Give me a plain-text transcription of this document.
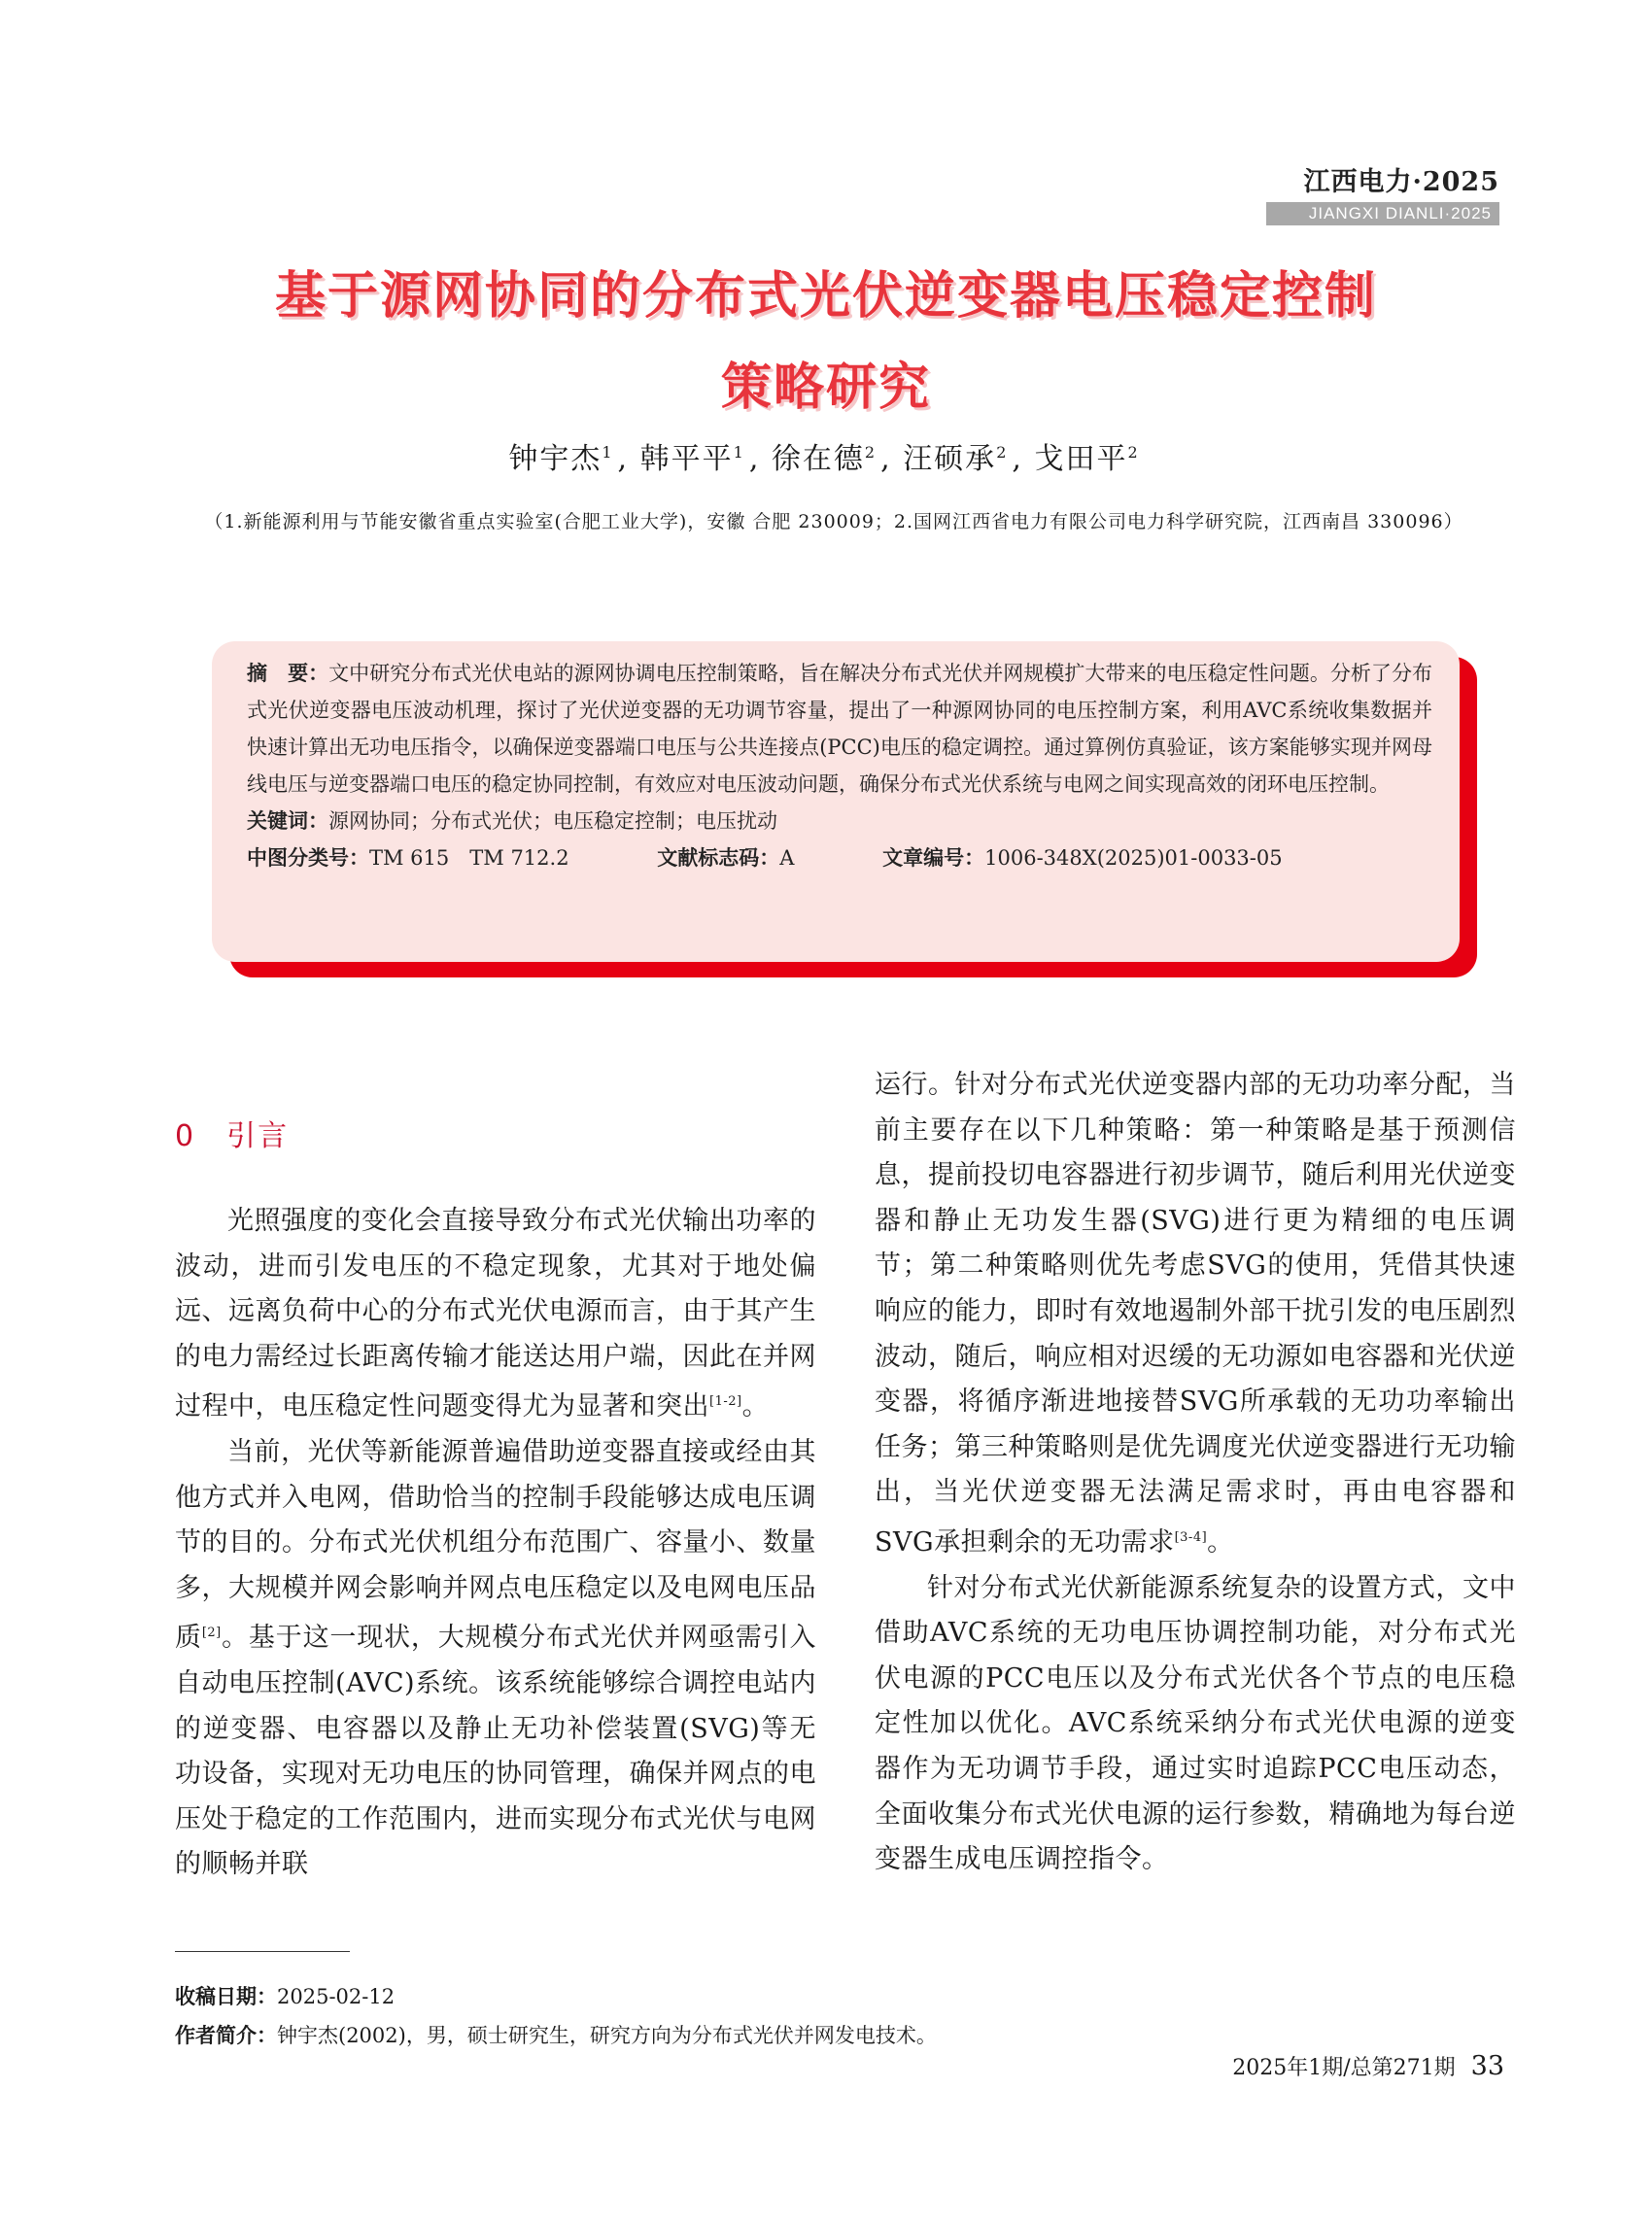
江西电力·2025
JIANGXI DIANLI·2025
基于源网协同的分布式光伏逆变器电压稳定控制
策略研究
钟宇杰$^1$ , 韩平平$^1$ , 徐在德$^2$ , 汪硕承$^2$ , 戈田平$^2$
（1.新能源利用与节能安徽省重点实验室(合肥工业大学)，安徽 合肥 230009；2.国网江西省电力有限公司电力科学研究院，江西南昌 330096）

摘　要：文中研究分布式光伏电站的源网协调电压控制策略，旨在解决分布式光伏并网规模扩大带来的电压稳定性问题。分析了分布式光伏逆变器电压波动机理，探讨了光伏逆变器的无功调节容量，提出了一种源网协同的电压控制方案，利用AVC系统收集数据并快速计算出无功电压指令，以确保逆变器端口电压与公共连接点(PCC)电压的稳定调控。通过算例仿真验证，该方案能够实现并网母线电压与逆变器端口电压的稳定协同控制，有效应对电压波动问题，确保分布式光伏系统与电网之间实现高效的闭环电压控制。

关键词：源网协同；分布式光伏；电压稳定控制；电压扰动

中图分类号：TM 615　TM 712.2	文献标志码：A	文章编号：1006-348X(2025)01-0033-05

0　 引言

光照强度的变化会直接导致分布式光伏输出功率的波动，进而引发电压的不稳定现象，尤其对于地处偏远、远离负荷中心的分布式光伏电源而言，由于其产生的电力需经过长距离传输才能送达用户端，因此在并网过程中，电压稳定性问题变得尤为显著和突出[1-2]。

当前，光伏等新能源普遍借助逆变器直接或经由其他方式并入电网，借助恰当的控制手段能够达成电压调节的目的。分布式光伏机组分布范围广、容量小、数量多，大规模并网会影响并网点电压稳定以及电网电压品质[2]。基于这一现状，大规模分布式光伏并网亟需引入自动电压控制(AVC)系统。该系统能够综合调控电站内的逆变器、电容器以及静止无功补偿装置(SVG)等无功设备，实现对无功电压的协同管理，确保并网点的电压处于稳定的工作范围内，进而实现分布式光伏与电网的顺畅并联

运行。针对分布式光伏逆变器内部的无功功率分配，当前主要存在以下几种策略：第一种策略是基于预测信息，提前投切电容器进行初步调节，随后利用光伏逆变器和静止无功发生器(SVG)进行更为精细的电压调节；第二种策略则优先考虑SVG的使用，凭借其快速响应的能力，即时有效地遏制外部干扰引发的电压剧烈波动，随后，响应相对迟缓的无功源如电容器和光伏逆变器，将循序渐进地接替SVG所承载的无功功率输出任务；第三种策略则是优先调度光伏逆变器进行无功输出，当光伏逆变器无法满足需求时，再由电容器和SVG承担剩余的无功需求[3-4]。

针对分布式光伏新能源系统复杂的设置方式，文中借助AVC系统的无功电压协调控制功能，对分布式光伏电源的PCC电压以及分布式光伏各个节点的电压稳定性加以优化。AVC系统采纳分布式光伏电源的逆变器作为无功调节手段，通过实时追踪PCC电压动态，全面收集分布式光伏电源的运行参数，精确地为每台逆变器生成电压调控指令。

收稿日期：2025-02-12
作者简介：钟宇杰(2002)，男，硕士研究生，研究方向为分布式光伏并网发电技术。
2025年1期/总第271期 33
